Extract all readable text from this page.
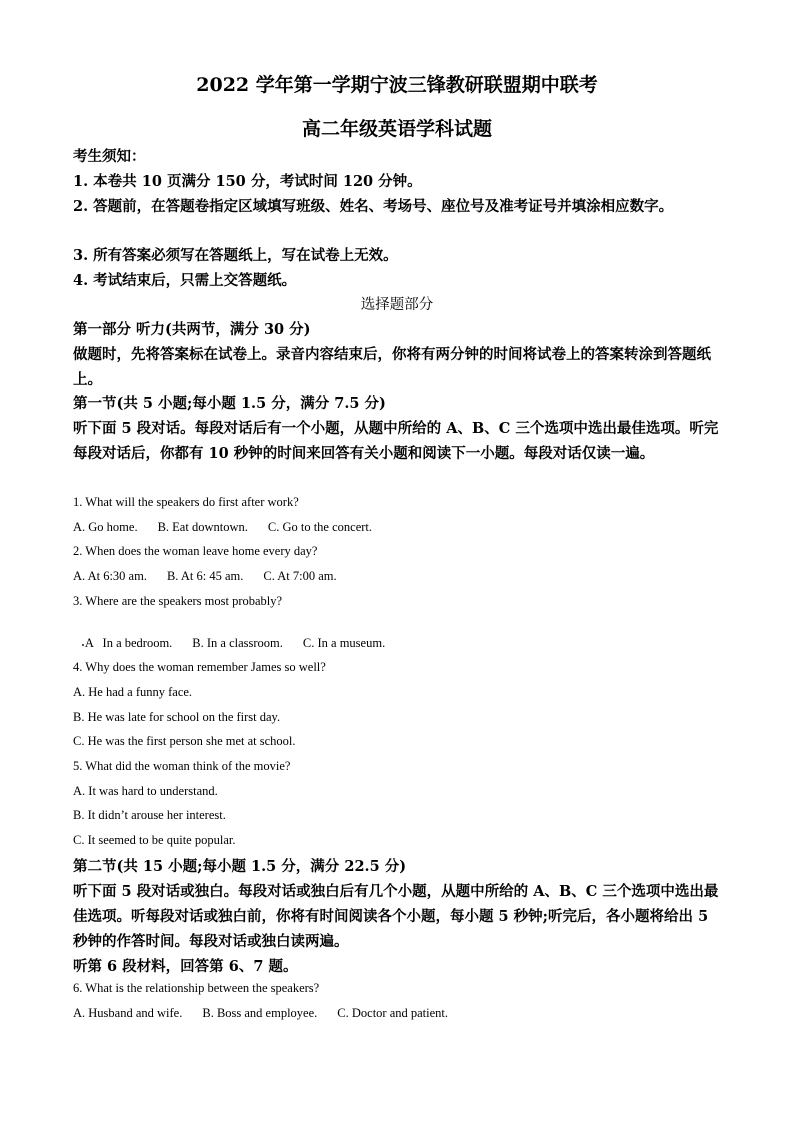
2022 学年第一学期宁波三锋教研联盟期中联考
高二年级英语学科试题
考生须知：
1. 本卷共 10 页满分 150 分，考试时间 120 分钟。
2. 答题前，在答题卷指定区域填写班级、姓名、考场号、座位号及准考证号并填涂相应数字。
3. 所有答案必须写在答题纸上，写在试卷上无效。
4. 考试结束后，只需上交答题纸。
选择题部分
第一部分 听力(共两节，满分 30 分)
做题时，先将答案标在试卷上。录音内容结束后，你将有两分钟的时间将试卷上的答案转涂到答题纸上。
第一节(共 5 小题;每小题 1.5 分，满分 7.5 分)
听下面 5 段对话。每段对话后有一个小题，从题中所给的 A、B、C 三个选项中选出最佳选项。听完每段对话后，你都有 10 秒钟的时间来回答有关小题和阅读下一小题。每段对话仅读一遍。
1. What will the speakers do first after work?
A. Go home. B. Eat downtown. C. Go to the concert.
2. When does the woman leave home every day?
A. At 6:30 am. B. At 6: 45 am. C. At 7:00 am.
3. Where are the speakers most probably?

A   In a bedroom. B. In a classroom. C. In a museum.

4. Why does the woman remember James so well?
A. He had a funny face.
B. He was late for school on the first day.
C. He was the first person she met at school.
5. What did the woman think of the movie?
A. It was hard to understand.
B. It didn’t arouse her interest.
C. It seemed to be quite popular.
第二节(共 15 小题;每小题 1.5 分，满分 22.5 分)
听下面 5 段对话或独白。每段对话或独白后有几个小题，从题中所给的 A、B、C 三个选项中选出最佳选项。听每段对话或独白前，你将有时间阅读各个小题，每小题 5 秒钟;听完后，各小题将给出 5 秒钟的作答时间。每段对话或独白读两遍。
听第 6 段材料，回答第 6、7 题。
6. What is the relationship between the speakers?
A. Husband and wife. B. Boss and employee. C. Doctor and patient.
